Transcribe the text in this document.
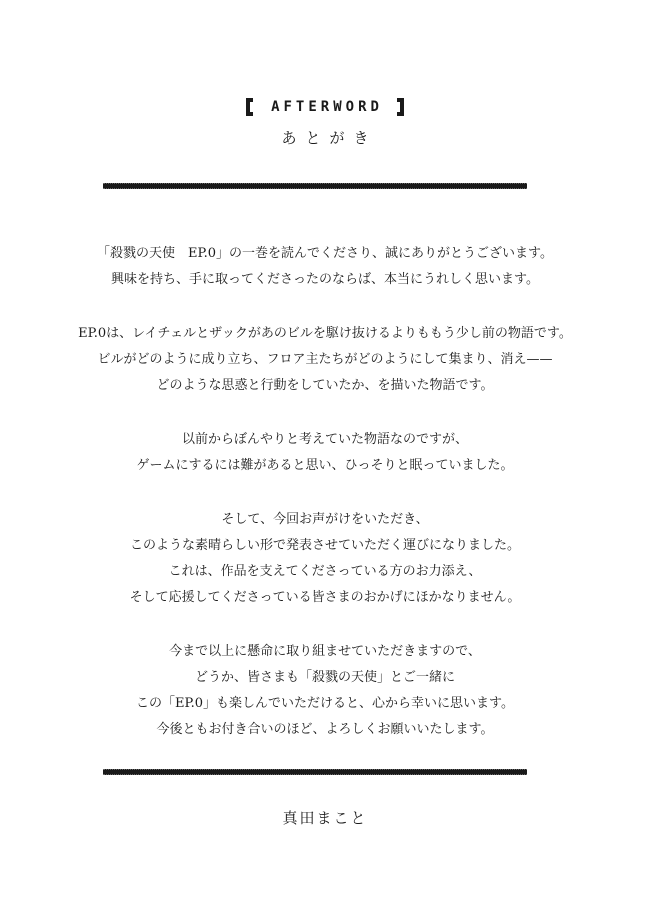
AFTERWORD
あとがき
「殺戮の天使　EP.0」の一巻を読んでくださり、誠にありがとうございます。
興味を持ち、手に取ってくださったのならば、本当にうれしく思います。
EP.0は、レイチェルとザックがあのビルを駆け抜けるよりももう少し前の物語です。
ビルがどのように成り立ち、フロア主たちがどのようにして集まり、消え——
どのような思惑と行動をしていたか、を描いた物語です。
以前からぼんやりと考えていた物語なのですが、
ゲームにするには難があると思い、ひっそりと眠っていました。
そして、今回お声がけをいただき、
このような素晴らしい形で発表させていただく運びになりました。
これは、作品を支えてくださっている方のお力添え、
そして応援してくださっている皆さまのおかげにほかなりません。
今まで以上に懸命に取り組ませていただきますので、
どうか、皆さまも「殺戮の天使」とご一緒に
この「EP.0」も楽しんでいただけると、心から幸いに思います。
今後ともお付き合いのほど、よろしくお願いいたします。
真田まこと
